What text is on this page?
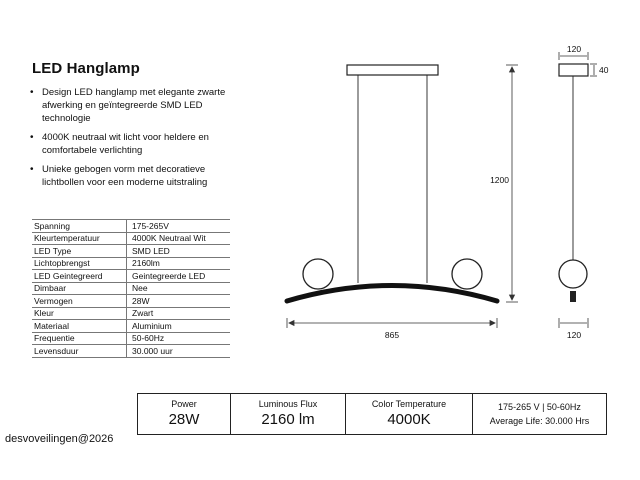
LED Hanglamp
• Design LED hanglamp met elegante zwarte afwerking en geïntegreerde SMD LED technologie
• 4000K neutraal wit licht voor heldere en comfortabele verlichting
• Unieke gebogen vorm met decoratieve lichtbollen voor een moderne uitstraling
Spanning	175-265V
Kleurtemperatuur	4000K Neutraal Wit
LED Type	SMD LED
Lichtopbrengst	2160lm
LED Geintegreerd	Geintegreerde LED
Dimbaar	Nee
Vermogen	28W
Kleur	Zwart
Materiaal	Aluminium
Frequentie	50-60Hz
Levensduur	30.000 uur
865
1200
120
40
120
Power
28W
Luminous Flux
2160 lm
Color Temperature
4000K
175-265 V | 50-60Hz
Average Life: 30.000 Hrs
desvoveilingen@2026
